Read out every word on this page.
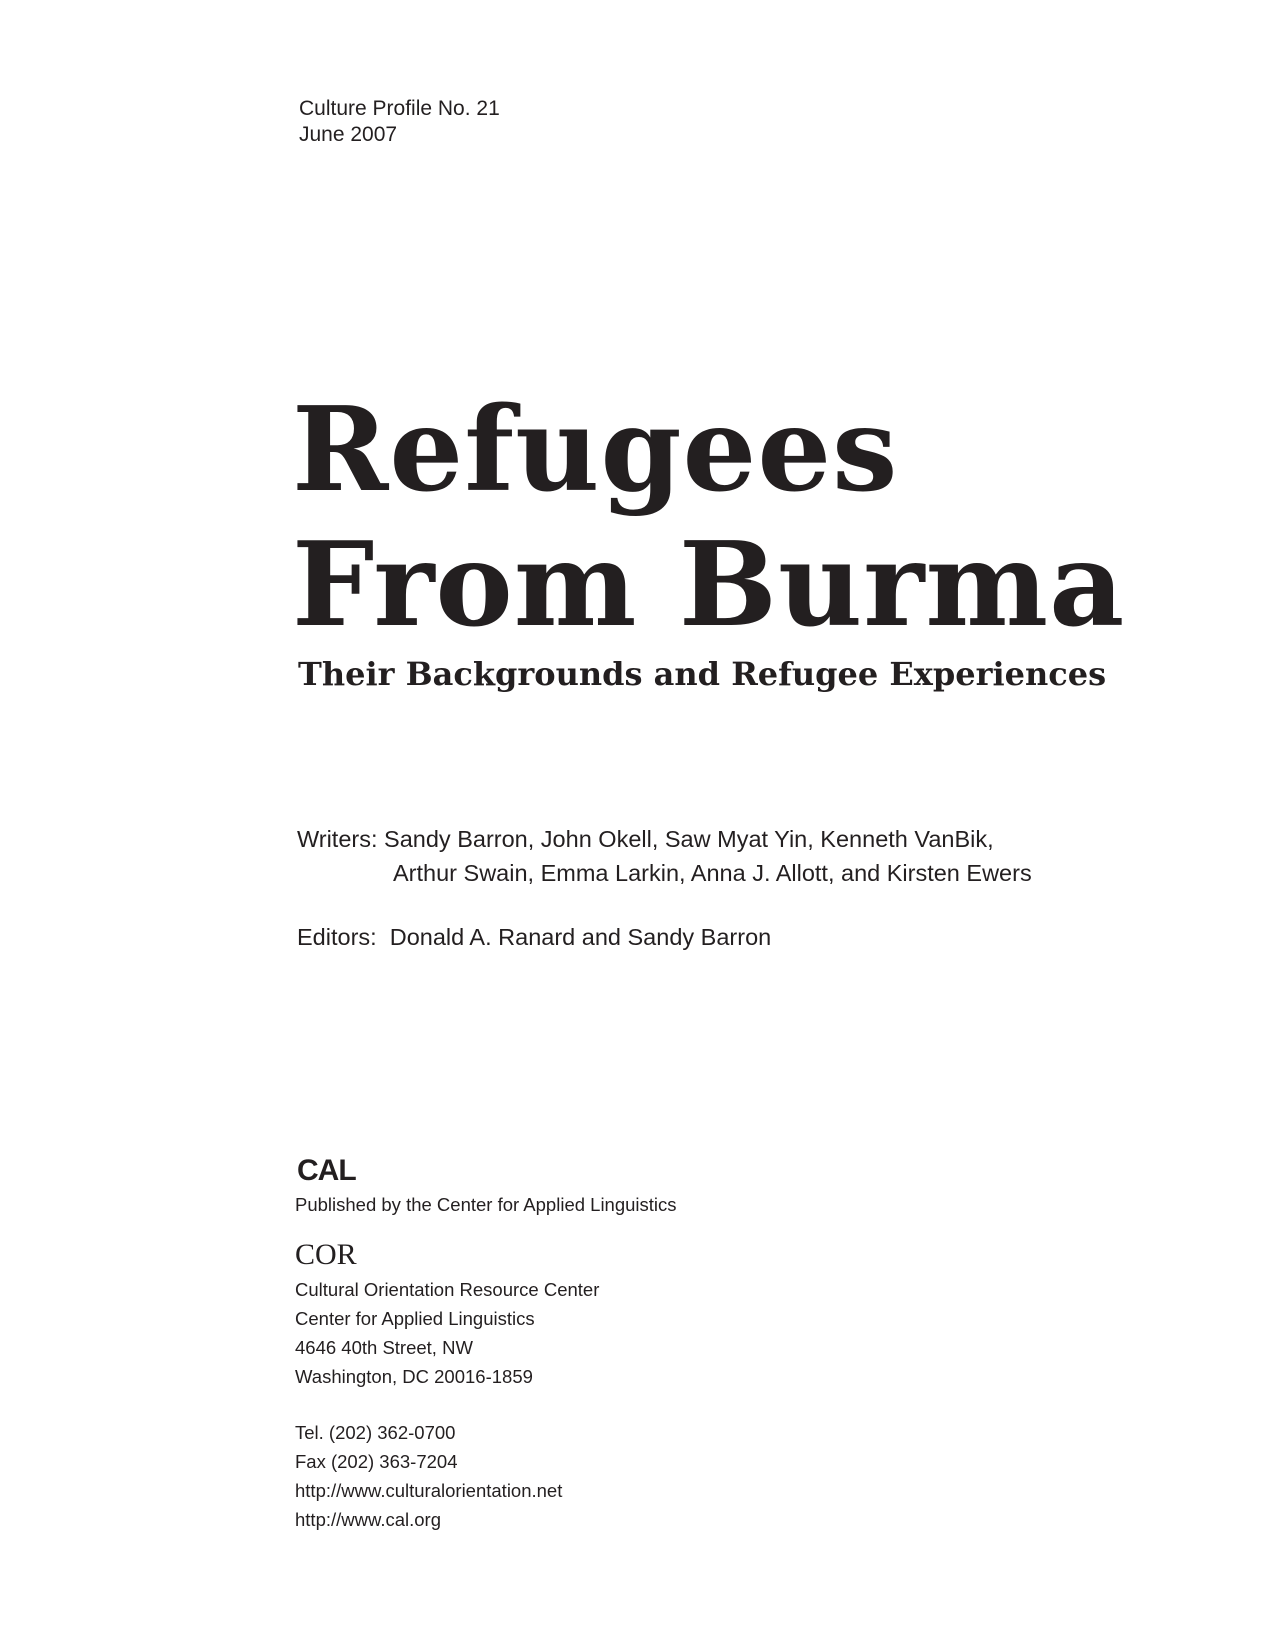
Culture Profile No. 21
June 2007
Refugees
From Burma
Their Backgrounds and Refugee Experiences
Writers: Sandy Barron, John Okell, Saw Myat Yin, Kenneth VanBik,
Arthur Swain, Emma Larkin, Anna J. Allott, and Kirsten Ewers
Editors: Donald A. Ranard and Sandy Barron
CAL
Published by the Center for Applied Linguistics
COR
Cultural Orientation Resource Center
Center for Applied Linguistics
4646 40th Street, NW
Washington, DC 20016-1859
Tel. (202) 362-0700
Fax (202) 363-7204
http://www.culturalorientation.net
http://www.cal.org
